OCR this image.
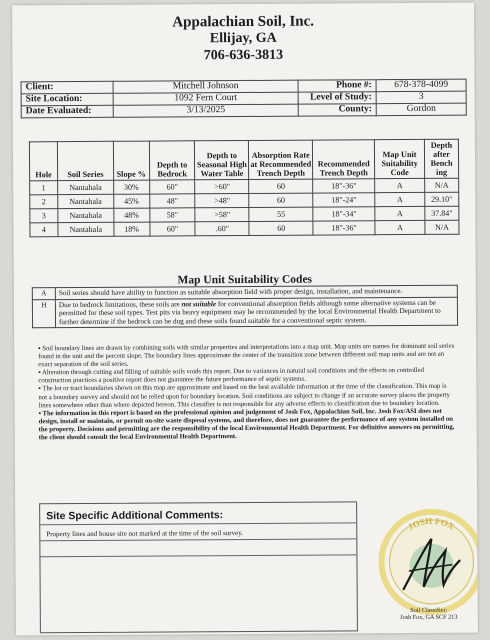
Appalachian Soil, Inc.
Ellijay, GA
706-636-3813
Client:	Mitchell Johnson	Phone #:	678-378-4099
Site Location:	1092 Fern Court	Level of Study:	3
Date Evaluated:	3/13/2025	County:	Gordon
Hole	Soil Series	Slope %	Depth to Bedrock	Depth to Seasonal High Water Table	Absorption Rate at Recommended Trench Depth	Recommended Trench Depth	Map Unit Suitability Code	Depth after Bench ing
1	Nantahala	30%	60"	>60"	60	18"-36"	A	N/A
2	Nantahala	45%	48"	>48"	60	18"-24"	A	29.10"
3	Nantahala	48%	58"	>58"	55	18"-34"	A	37.84"
4	Nantahala	18%	60"	.60"	60	18"-36"	A	N/A
Map Unit Suitability Codes
A	Soil series should have ability to function as suitable absorption field with proper design, installation, and maintenance.
H	Due to bedrock limitations, these soils are not suitable for conventional absorption fields although some alternative systems can be permitted for these soil types. Test pits via heavy equipment may be recommended by the local Environmental Health Department to further determine if the bedrock can be dug and these soils found suitable for a conventional septic system.

▪ Soil boundary lines are drawn by combining soils with similar properties and interpretations into a map unit. Map units are names for dominant soil series found in the unit and the percent slope. The boundary lines approximate the center of the transition zone between different soil map units and are not an exact separation of the soil series.

▪ Alteration through cutting and filling of suitable soils voids this report. Due to variances in natural soil conditions and the effects on controlled construction practices a positive report does not guarantee the future performance of septic systems.

▪ The lot or tract boundaries shown on this map are approximate and based on the best available information at the time of the classification. This map is not a boundary survey and should not be relied upon for boundary location. Soil conditions are subject to change if an accurate survey places the property lines somewhere other than where depicted hereon. This classifier is not responsible for any adverse effects to classification due to boundary location.

▪ The information in this report is based on the professional opinion and judgement of Josh Fox, Appalachian Soil, Inc. Josh Fox/ASI does not design, install or maintain, or permit on-site waste disposal systems, and therefore, does not guarantee the performance of any system installed on the property. Decisions and permitting are the responsibility of the local Environmental Health Department. For definitive answers on permitting, the client should consult the local Environmental Health Department.

Site Specific Additional Comments:
Property lines and house site not marked at the time of the soil survey.
JOSH FOX
Soil Classifier:
Josh Fox, GA SCF 213
